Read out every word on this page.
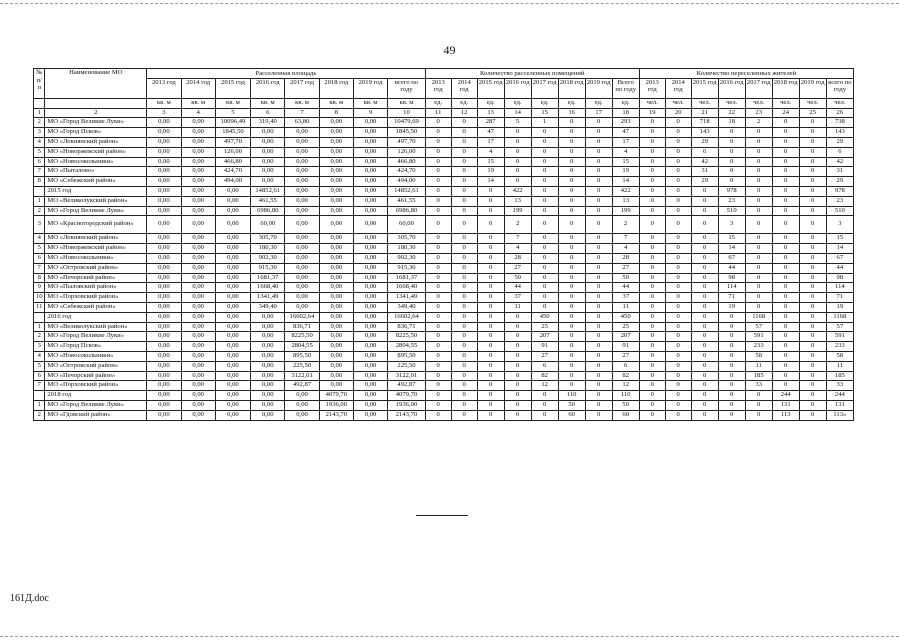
49
№ п/п	Наименование МО	Расселенная площадь								Количество расселенных помещений								Количество переселенных жителей							
		2013 год	2014 год	2015 год	2016 год	2017 год	2018 год	2019 год	всего по году	2013 год	2014 год	2015 год	2016 год	2017 год	2018 год	2019 год	Всего по году	2013 год	2014 год	2015 год	2016 год	2017 год	2018 год	2019 год	всего по году
		кв. м	кв. м	кв. м	кв. м	кв. м	кв. м	кв. м	кв. м	ед.	ед.	ед.	ед.	ед.	ед.	ед.	ед.	чел.	чел.	чел.	чел.	чел.	чел.	чел.	чел.
1	2	3	4	5	6	7	8	9	10	11	12	13	14	15	16	17	18	19	20	21	22	23	24	25	26
2	МО «Город Великие Луки»	0,00	0,00	10096,49	319,40	63,80	0,00	0,00	10479,69	0	0	287	5	1	0	0	293	0	0	718	18	2	0	0	738
3	МО «Город Псков»	0,00	0,00	1845,50	0,00	0,00	0,00	0,00	1845,50	0	0	47	0	0	0	0	47	0	0	143	0	0	0	0	143
4	МО «Локнянский район»	0,00	0,00	497,70	0,00	0,00	0,00	0,00	497,70	0	0	17	0	0	0	0	17	0	0	29	0	0	0	0	29
5	МО «Новоржевский район»	0,00	0,00	126,00	0,00	0,00	0,00	0,00	126,00	0	0	4	0	0	0	0	4	0	0	6	0	0	0	0	6
6	МО «Новосокольники»	0,00	0,00	466,80	0,00	0,00	0,00	0,00	466,80	0	0	15	0	0	0	0	15	0	0	42	0	0	0	0	42
7	МО «Пыталово»	0,00	0,00	424,70	0,00	0,00	0,00	0,00	424,70	0	0	19	0	0	0	0	19	0	0	31	0	0	0	0	31
8	МО «Себежский район»	0,00	0,00	494,00	0,00	0,00	0,00	0,00	494,00	0	0	14	0	0	0	0	14	0	0	29	0	0	0	0	29
	2015 год	0,00	0,00	0,00	14852,61	0,00	0,00	0,00	14852,61	0	0	0	422	0	0	0	422	0	0	0	978	0	0	0	978
1	МО «Великолукский район»	0,00	0,00	0,00	461,55	0,00	0,00	0,00	461,55	0	0	0	13	0	0	0	13	0	0	0	23	0	0	0	23
2	МО «Город Великие Луки»	0,00	0,00	0,00	6986,80	0,00	0,00	0,00	6986,80	0	0	0	199	0	0	0	199	0	0	0	510	0	0	0	510
3	МО «Красногородский район»	0,00	0,00	0,00	60,00	0,00	0,00	0,00	60,00	0	0	0	2	0	0	0	2	0	0	0	3	0	0	0	3
4	МО «Локнянский район»	0,00	0,00	0,00	305,70	0,00	0,00	0,00	305,70	0	0	0	7	0	0	0	7	0	0	0	15	0	0	0	15
5	МО «Новоржевский район»	0,00	0,00	0,00	180,30	0,00	0,00	0,00	180,30	0	0	0	4	0	0	0	4	0	0	0	14	0	0	0	14
6	МО «Новосокольники»	0,00	0,00	0,00	902,30	0,00	0,00	0,00	902,30	0	0	0	28	0	0	0	28	0	0	0	67	0	0	0	67
7	МО «Островский район»	0,00	0,00	0,00	915,30	0,00	0,00	0,00	915,30	0	0	0	27	0	0	0	27	0	0	0	44	0	0	0	44
8	МО «Печорский район»	0,00	0,00	0,00	1681,37	0,00	0,00	0,00	1681,37	0	0	0	50	0	0	0	50	0	0	0	98	0	0	0	98
9	МО «Пыловский район»	0,00	0,00	0,00	1668,40	0,00	0,00	0,00	1668,40	0	0	0	44	0	0	0	44	0	0	0	114	0	0	0	114
10	МО «Порховский район»	0,00	0,00	0,00	1341,49	0,00	0,00	0,00	1341,49	0	0	0	37	0	0	0	37	0	0	0	71	0	0	0	71
11	МО «Себежский район»	0,00	0,00	0,00	349,40	0,00	0,00	0,00	349,40	0	0	0	11	0	0	0	11	0	0	0	19	0	0	0	19
	2016 год	0,00	0,00	0,00	0,00	16602,64	0,00	0,00	16602,64	0	0	0	0	450	0	0	450	0	0	0	0	1168	0	0	1168
1	МО «Великолукский район»	0,00	0,00	0,00	0,00	836,71	0,00	0,00	836,71	0	0	0	0	25	0	0	25	0	0	0	0	57	0	0	57
2	МО «Город Великие Луки»	0,00	0,00	0,00	0,00	8225,50	0,00	0,00	8225,50	0	0	0	0	207	0	0	207	0	0	0	0	591	0	0	591
3	МО «Город Псков»	0,00	0,00	0,00	0,00	2804,55	0,00	0,00	2804,55	0	0	0	0	91	0	0	91	0	0	0	0	233	0	0	233
4	МО «Новосокольники»	0,00	0,00	0,00	0,00	895,50	0,00	0,00	895,50	0	0	0	0	27	0	0	27	0	0	0	0	58	0	0	58
5	МО «Островский район»	0,00	0,00	0,00	0,00	225,50	0,00	0,00	225,50	0	0	0	0	6	0	0	6	0	0	0	0	11	0	0	11
6	МО «Печорский район»	0,00	0,00	0,00	0,00	3122,01	0,00	0,00	3122,01	0	0	0	0	82	0	0	82	0	0	0	0	185	0	0	185
7	МО «Порховский район»	0,00	0,00	0,00	0,00	492,87	0,00	0,00	492,87	0	0	0	0	12	0	0	12	0	0	0	0	33	0	0	33
	2018 год	0,00	0,00	0,00	0,00	0,00	4079,70	0,00	4079,70	0	0	0	0	0	110	0	110	0	0	0	0	0	244	0	244
1	МО «Город Великие Луки»	0,00	0,00	0,00	0,00	0,00	1936,00	0,00	1936,00	0	0	0	0	0	50	0	50	0	0	0	0	0	131	0	131
2	МО «Гдовский район»	0,00	0,00	0,00	0,00	0,00	2143,70	0,00	2143,70	0	0	0	0	0	60	0	60	0	0	0	0	0	113	0	113»
161Д.doc
